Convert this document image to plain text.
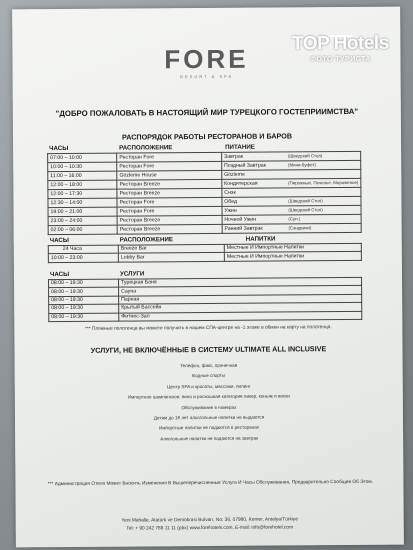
FORE
RESORT & SPA
TOP Hotels
ФОТО ТУРИСТА
"ДОБРО ПОЖАЛОВАТЬ В НАСТОЯЩИЙ МИР ТУРЕЦКОГО ГОСТЕПРИИМСТВА"
РАСПОРЯДОК РАБОТЫ РЕСТОРАНОВ И БАРОВ
ЧАСЫ	РАСПОЛОЖЕНИЕ	ПИТАНИЕ
07:00 – 10:00	Ресторан Fore	Завтрак (Шведский Стол)
10:00 – 10:30	Ресторан Fore	Поздный Завтрак (Мини-буфет)
11:00 – 16:00	Gözleme House	Gözleme
12:00 – 18:00	Ресторан Breeze	Кондитерская (Пирожные, Печенье, Мороженое)
12:00 – 17:30	Ресторан Breeze	Снэк
12:30 – 14:00	Ресторан Fore	Обед (Шведский Стол)
19:00 – 21:00	Ресторан Fore	Ужин (Шведский Стол)
23:00 – 24:00	Ресторан Breeze	Ночной Ужин (Суп.)
02:00 – 06:00	Ресторан Breeze	Ранний Завтрак (Сэндвичи)
ЧАСЫ	РАСПОЛОЖЕНИЕ	НАПИТКИ
24 Часа	Breeze Bar	Местные И Импортные Напитки
10:00 – 23:00	Lobby Bar	Местные И Импортные Напитки
ЧАСЫ	УСЛУГИ
08:00 – 19:30	Турецкая Баня
08:00 – 19:30	Сауна
08:00 – 19:30	Парная
08:00 – 19:30	Крытый Бассейн
08:00 – 19:30	Фитнес-Зал
*** Пляжные полотенца вы можете получить в нашем СПА-центре на -1 этаже в обмен на карту на полотенца.
УСЛУГИ, НЕ ВКЛЮЧЁННЫЕ В СИСТЕМУ ULTIMATE ALL INCLUSIVE
Телефон, факс, прачечная
Водные спорты
Центр SPA и кросаты, массажи, пилинг
Импортное шампанское, вино и роскошная категория ликер, коньяк и виски
Обслуживание в номерах
Детям до 18 лет алкогольные напитки не выдаются
Импортные напитки не подаются в ресторанах
Алкогольные напитки не подаются на завтрак
*** Администрация Отеля Может Вносить Изменения В Вышеперечисленные Услуги И Часы Обслуживания, Предварительно Сообщив Об Этом.
Yeni Mahalle, Atatürk ve Demokrasi Bulvarı, No: 36, 07980, Kemer, Antalya/Türkiye
Tel: + 90 242 788 11 11 (pbx) www.forehotels.com, E-mail: info@forehotel.com
